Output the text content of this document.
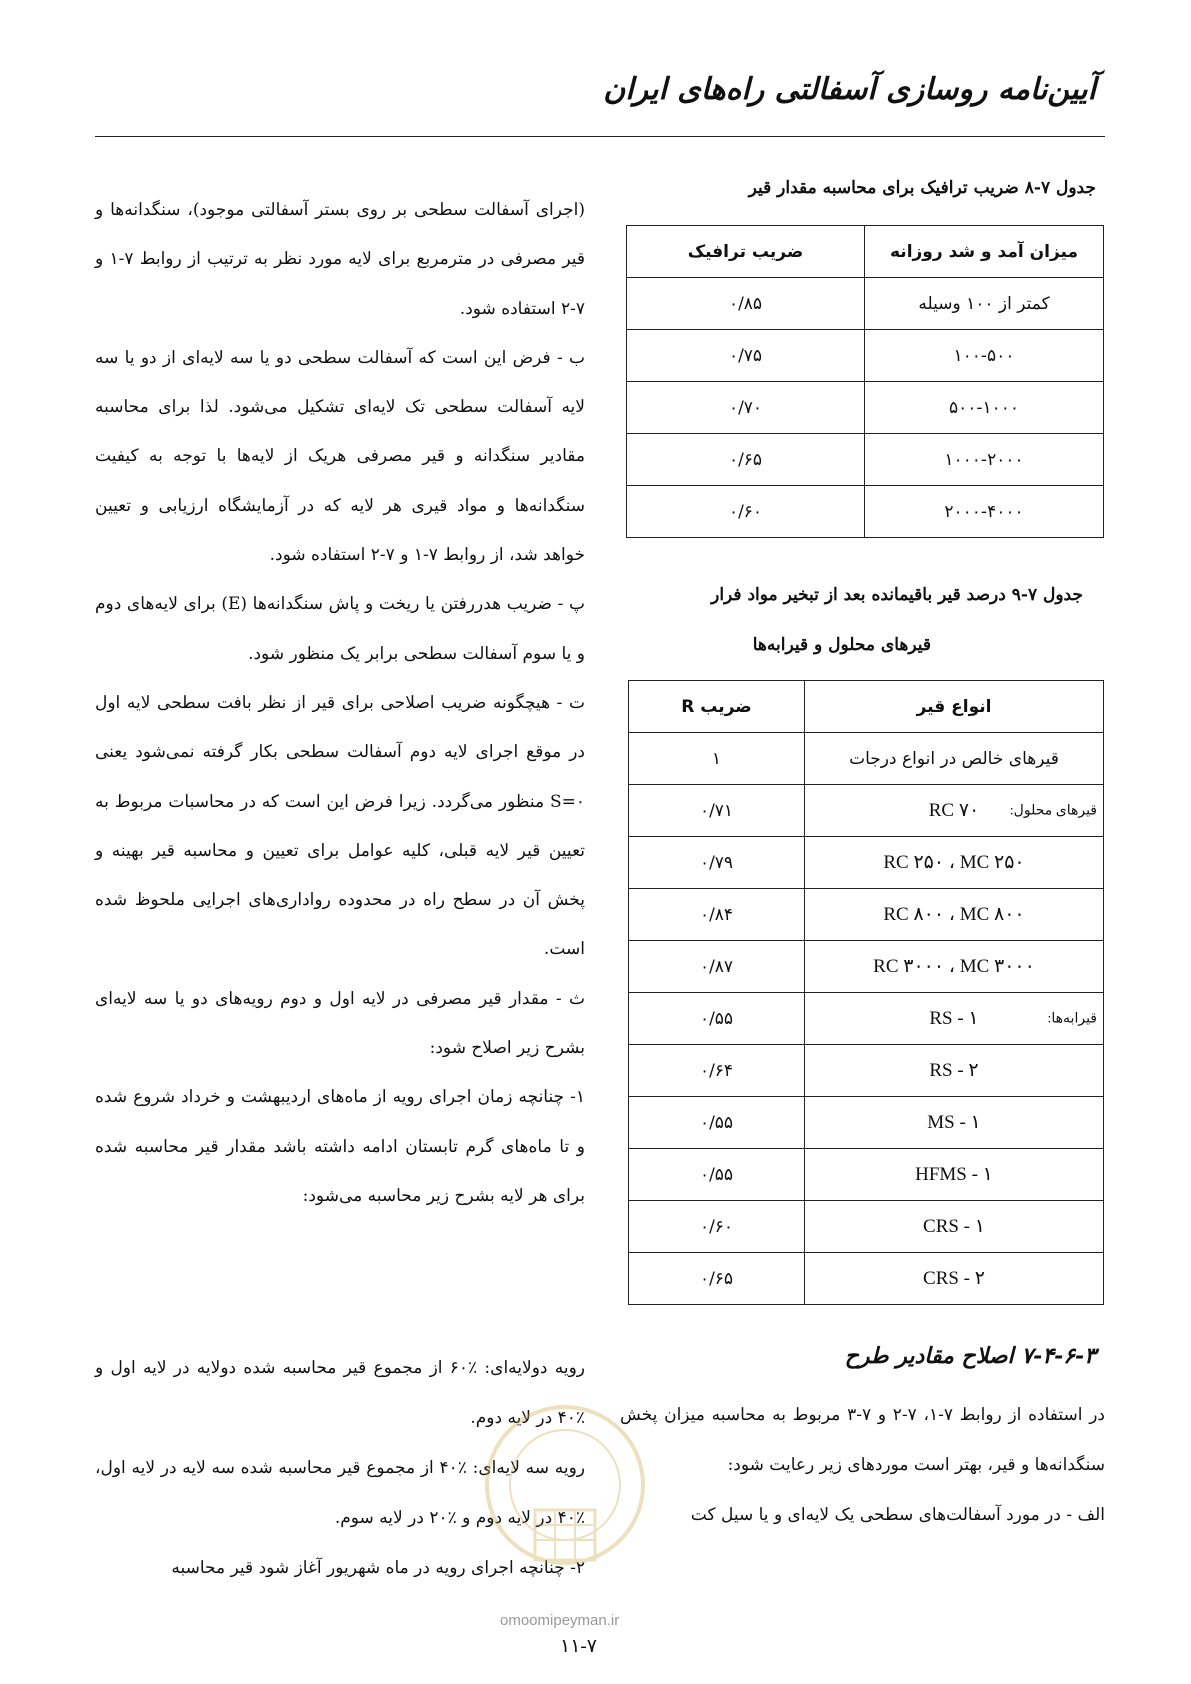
آیین‌نامه روسازی آسفالتی راه‌های ایران
جدول ۷-۸ ضریب ترافیک برای محاسبه مقدار قیر
میزان آمد و شد روزانه	ضریب ترافیک
کمتر از ۱۰۰ وسیله	۰/۸۵
۱۰۰-۵۰۰	۰/۷۵
۵۰۰-۱۰۰۰	۰/۷۰
۱۰۰۰-۲۰۰۰	۰/۶۵
۲۰۰۰-۴۰۰۰	۰/۶۰
جدول ۷-۹ درصد قیر باقیمانده بعد از تبخیر مواد فرار
قیرهای محلول و قیرابه‌ها
انواع قیر	ضریب R
قیرهای خالص در انواع درجات	۱

قیرهای محلول:
RC ۷۰	۰/۷۱
RC ۲۵۰ ، MC ۲۵۰	۰/۷۹
RC ۸۰۰ ، MC ۸۰۰	۰/۸۴
RC ۳۰۰۰ ، MC ۳۰۰۰	۰/۸۷

قیرابه‌ها:
RS - ۱	۰/۵۵
RS - ۲	۰/۶۴
MS - ۱	۰/۵۵
HFMS - ۱	۰/۵۵
CRS - ۱	۰/۶۰
CRS - ۲	۰/۶۵

(اجرای آسفالت سطحی بر روی بستر آسفالتی موجود)، سنگدانه‌ها و قیر مصرفی در مترمربع برای لایه مورد نظر به ترتیب از روابط ۷-۱ و ۷-۲ استفاده شود.

ب - فرض این است که آسفالت سطحی دو یا سه لایه‌ای از دو یا سه لایه آسفالت سطحی تک لایه‌ای تشکیل می‌شود. لذا برای محاسبه مقادیر سنگدانه و قیر مصرفی هریک از لایه‌ها با توجه به کیفیت سنگدانه‌ها و مواد قیری هر لایه که در آزمایشگاه ارزیابی و تعیین خواهد شد، از روابط ۷-۱ و ۷-۲ استفاده شود.

پ - ضریب هدررفتن یا ریخت و پاش سنگدانه‌ها (E) برای لایه‌های دوم و یا سوم آسفالت سطحی برابر یک منظور شود.

ت - هیچگونه ضریب اصلاحی برای قیر از نظر بافت سطحی لایه اول در موقع اجرای لایه دوم آسفالت سطحی بکار گرفته نمی‌شود یعنی S=۰ منظور می‌گردد. زیرا فرض این است که در محاسبات مربوط به تعیین قیر لایه قبلی، کلیه عوامل برای تعیین و محاسبه قیر بهینه و پخش آن در سطح راه در محدوده رواداری‌های اجرایی ملحوظ شده است.

ث - مقدار قیر مصرفی در لایه اول و دوم رویه‌های دو یا سه لایه‌ای بشرح زیر اصلاح شود:

۱- چنانچه زمان اجرای رویه از ماه‌های اردیبهشت و خرداد شروع شده و تا ماه‌های گرم تابستان ادامه داشته باشد مقدار قیر محاسبه شده برای هر لایه بشرح زیر محاسبه می‌شود:

رویه دولایه‌ای: ٪۶۰ از مجموع قیر محاسبه شده دولایه در لایه اول و ٪۴۰ در لایه دوم.

رویه سه لایه‌ای: ٪۴۰ از مجموع قیر محاسبه شده سه لایه در لایه اول، ٪۴۰ در لایه دوم و ٪۲۰ در لایه سوم.

۲- چنانچه اجرای رویه در ماه شهریور آغاز شود قیر محاسبه

۷-۴-۶-۳ اصلاح مقادیر طرح

در استفاده از روابط ۷-۱، ۷-۲ و ۷-۳ مربوط به محاسبه میزان پخش سنگدانه‌ها و قیر، بهتر است موردهای زیر رعایت شود:

الف - در مورد آسفالت‌های سطحی یک لایه‌ای و یا سیل کت

omoomipeyman.ir
۱۱-۷
